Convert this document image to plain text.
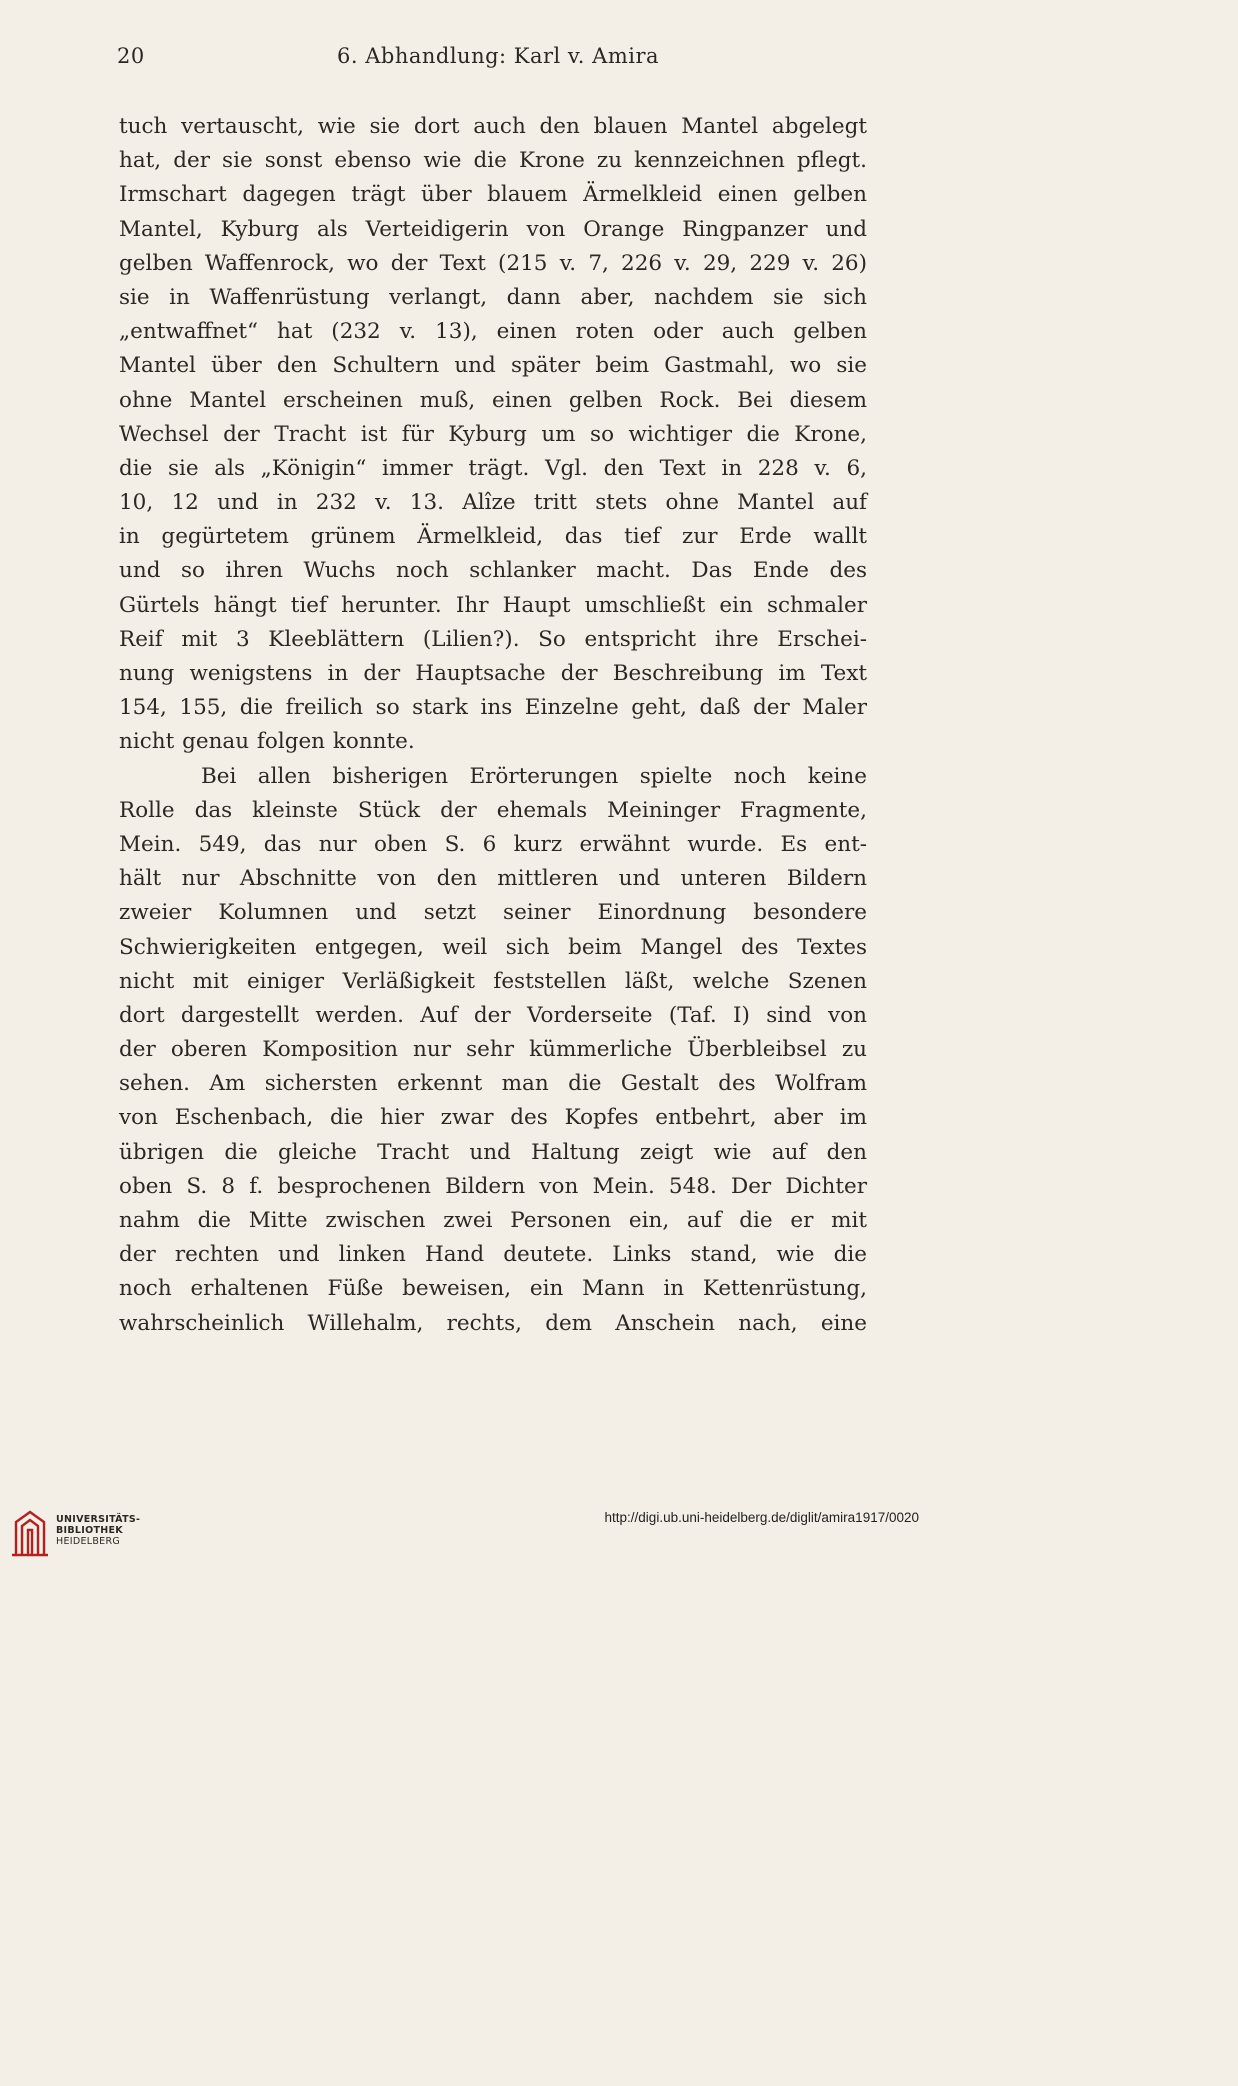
20	6. Abhandlung: Karl v. Amira
tuch vertauscht, wie sie dort auch den blauen Mantel abgelegt
hat, der sie sonst ebenso wie die Krone zu kennzeichnen pflegt.
Irmschart dagegen trägt über blauem Ärmelkleid einen gelben
Mantel, Kyburg als Verteidigerin von Orange Ringpanzer und
gelben Waffenrock, wo der Text (215 v. 7, 226 v. 29, 229 v. 26)
sie in Waffenrüstung verlangt, dann aber, nachdem sie sich
„entwaffnet“ hat (232 v. 13), einen roten oder auch gelben
Mantel über den Schultern und später beim Gastmahl, wo sie
ohne Mantel erscheinen muß, einen gelben Rock. Bei diesem
Wechsel der Tracht ist für Kyburg um so wichtiger die Krone,
die sie als „Königin“ immer trägt. Vgl. den Text in 228 v. 6,
10, 12 und in 232 v. 13. Alîze tritt stets ohne Mantel auf
in gegürtetem grünem Ärmelkleid, das tief zur Erde wallt
und so ihren Wuchs noch schlanker macht. Das Ende des
Gürtels hängt tief herunter. Ihr Haupt umschließt ein schmaler
Reif mit 3 Kleeblättern (Lilien?). So entspricht ihre Erschei-
nung wenigstens in der Hauptsache der Beschreibung im Text
154, 155, die freilich so stark ins Einzelne geht, daß der Maler
nicht genau folgen konnte.
Bei allen bisherigen Erörterungen spielte noch keine
Rolle das kleinste Stück der ehemals Meininger Fragmente,
Mein. 549, das nur oben S. 6 kurz erwähnt wurde. Es ent-
hält nur Abschnitte von den mittleren und unteren Bildern
zweier Kolumnen und setzt seiner Einordnung besondere
Schwierigkeiten entgegen, weil sich beim Mangel des Textes
nicht mit einiger Verläßigkeit feststellen läßt, welche Szenen
dort dargestellt werden. Auf der Vorderseite (Taf. I) sind von
der oberen Komposition nur sehr kümmerliche Überbleibsel zu
sehen. Am sichersten erkennt man die Gestalt des Wolfram
von Eschenbach, die hier zwar des Kopfes entbehrt, aber im
übrigen die gleiche Tracht und Haltung zeigt wie auf den
oben S. 8 f. besprochenen Bildern von Mein. 548. Der Dichter
nahm die Mitte zwischen zwei Personen ein, auf die er mit
der rechten und linken Hand deutete. Links stand, wie die
noch erhaltenen Füße beweisen, ein Mann in Kettenrüstung,
wahrscheinlich Willehalm, rechts, dem Anschein nach, eine
UNIVERSITÄTS-
BIBLIOTHEK
HEIDELBERG
http://digi.ub.uni-heidelberg.de/diglit/amira1917/0020
